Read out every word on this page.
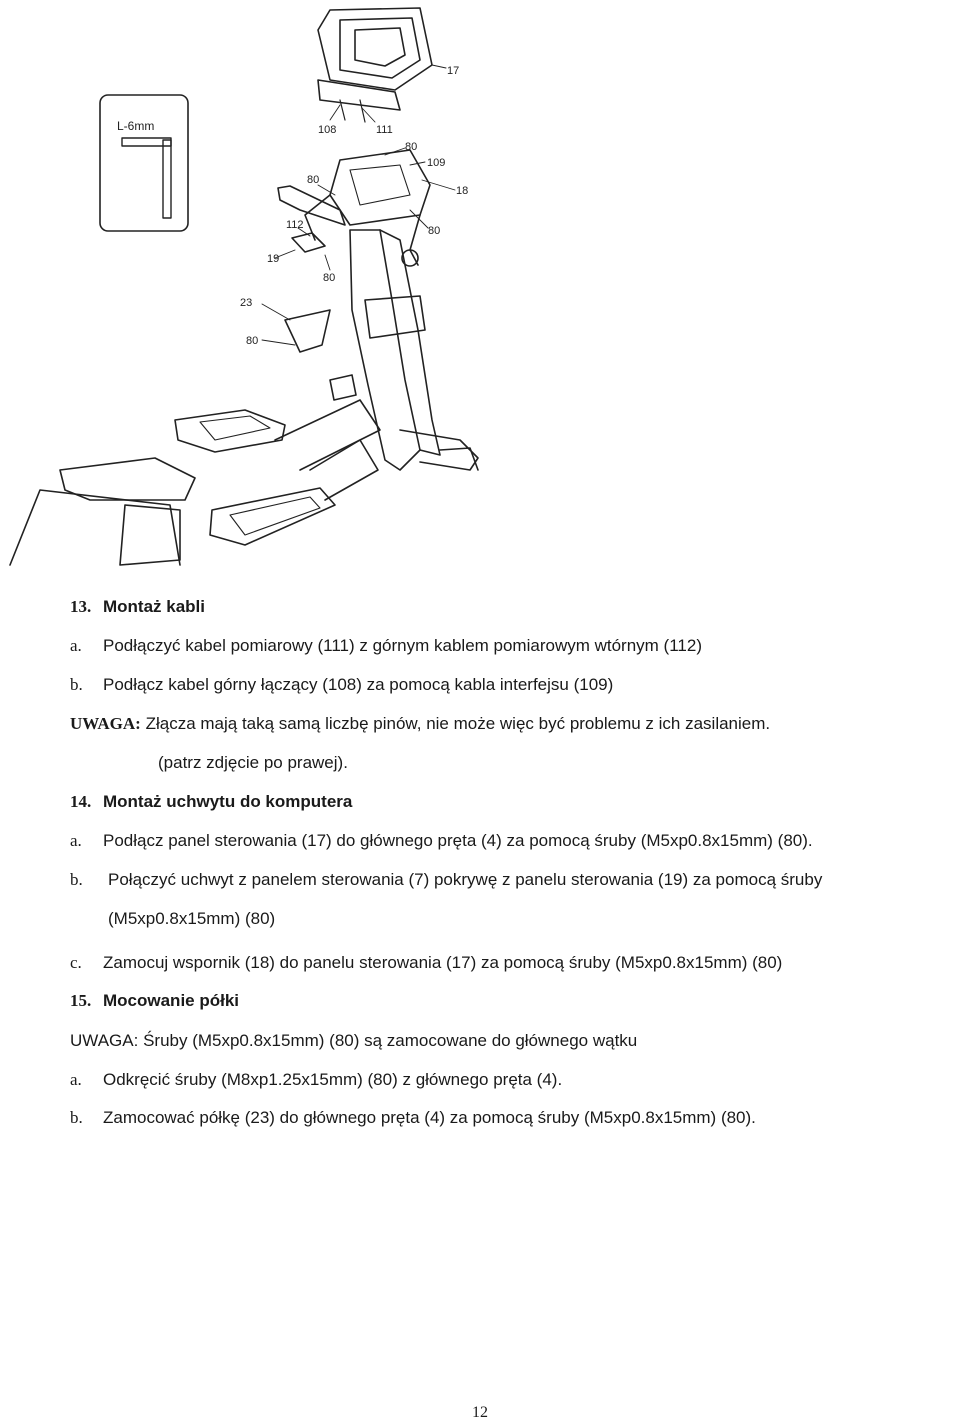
L-6mm
17
108	111
80
109
18
80
80
112
19
80
23
80
13. Montaż kabli
a. Podłączyć kabel pomiarowy (111) z górnym kablem pomiarowym wtórnym (112)
b. Podłącz kabel górny łączący (108) za pomocą kabla interfejsu (109)
UWAGA: Złącza mają taką samą liczbę pinów, nie może więc być problemu z ich zasilaniem.
(patrz zdjęcie po prawej).
14. Montaż uchwytu do komputera
a. Podłącz panel sterowania (17) do głównego pręta (4) za pomocą śruby (M5xp0.8x15mm) (80).
b. Połączyć uchwyt z panelem sterowania (7) pokrywę z panelu sterowania (19) za pomocą śruby
(M5xp0.8x15mm) (80)
c. Zamocuj wspornik (18) do panelu sterowania (17) za pomocą śruby (M5xp0.8x15mm) (80)
15. Mocowanie półki
UWAGA: Śruby (M5xp0.8x15mm) (80) są zamocowane do głównego wątku
a. Odkręcić śruby (M8xp1.25x15mm) (80) z głównego pręta (4).
b. Zamocować półkę (23) do głównego pręta (4) za pomocą śruby (M5xp0.8x15mm) (80).
12
